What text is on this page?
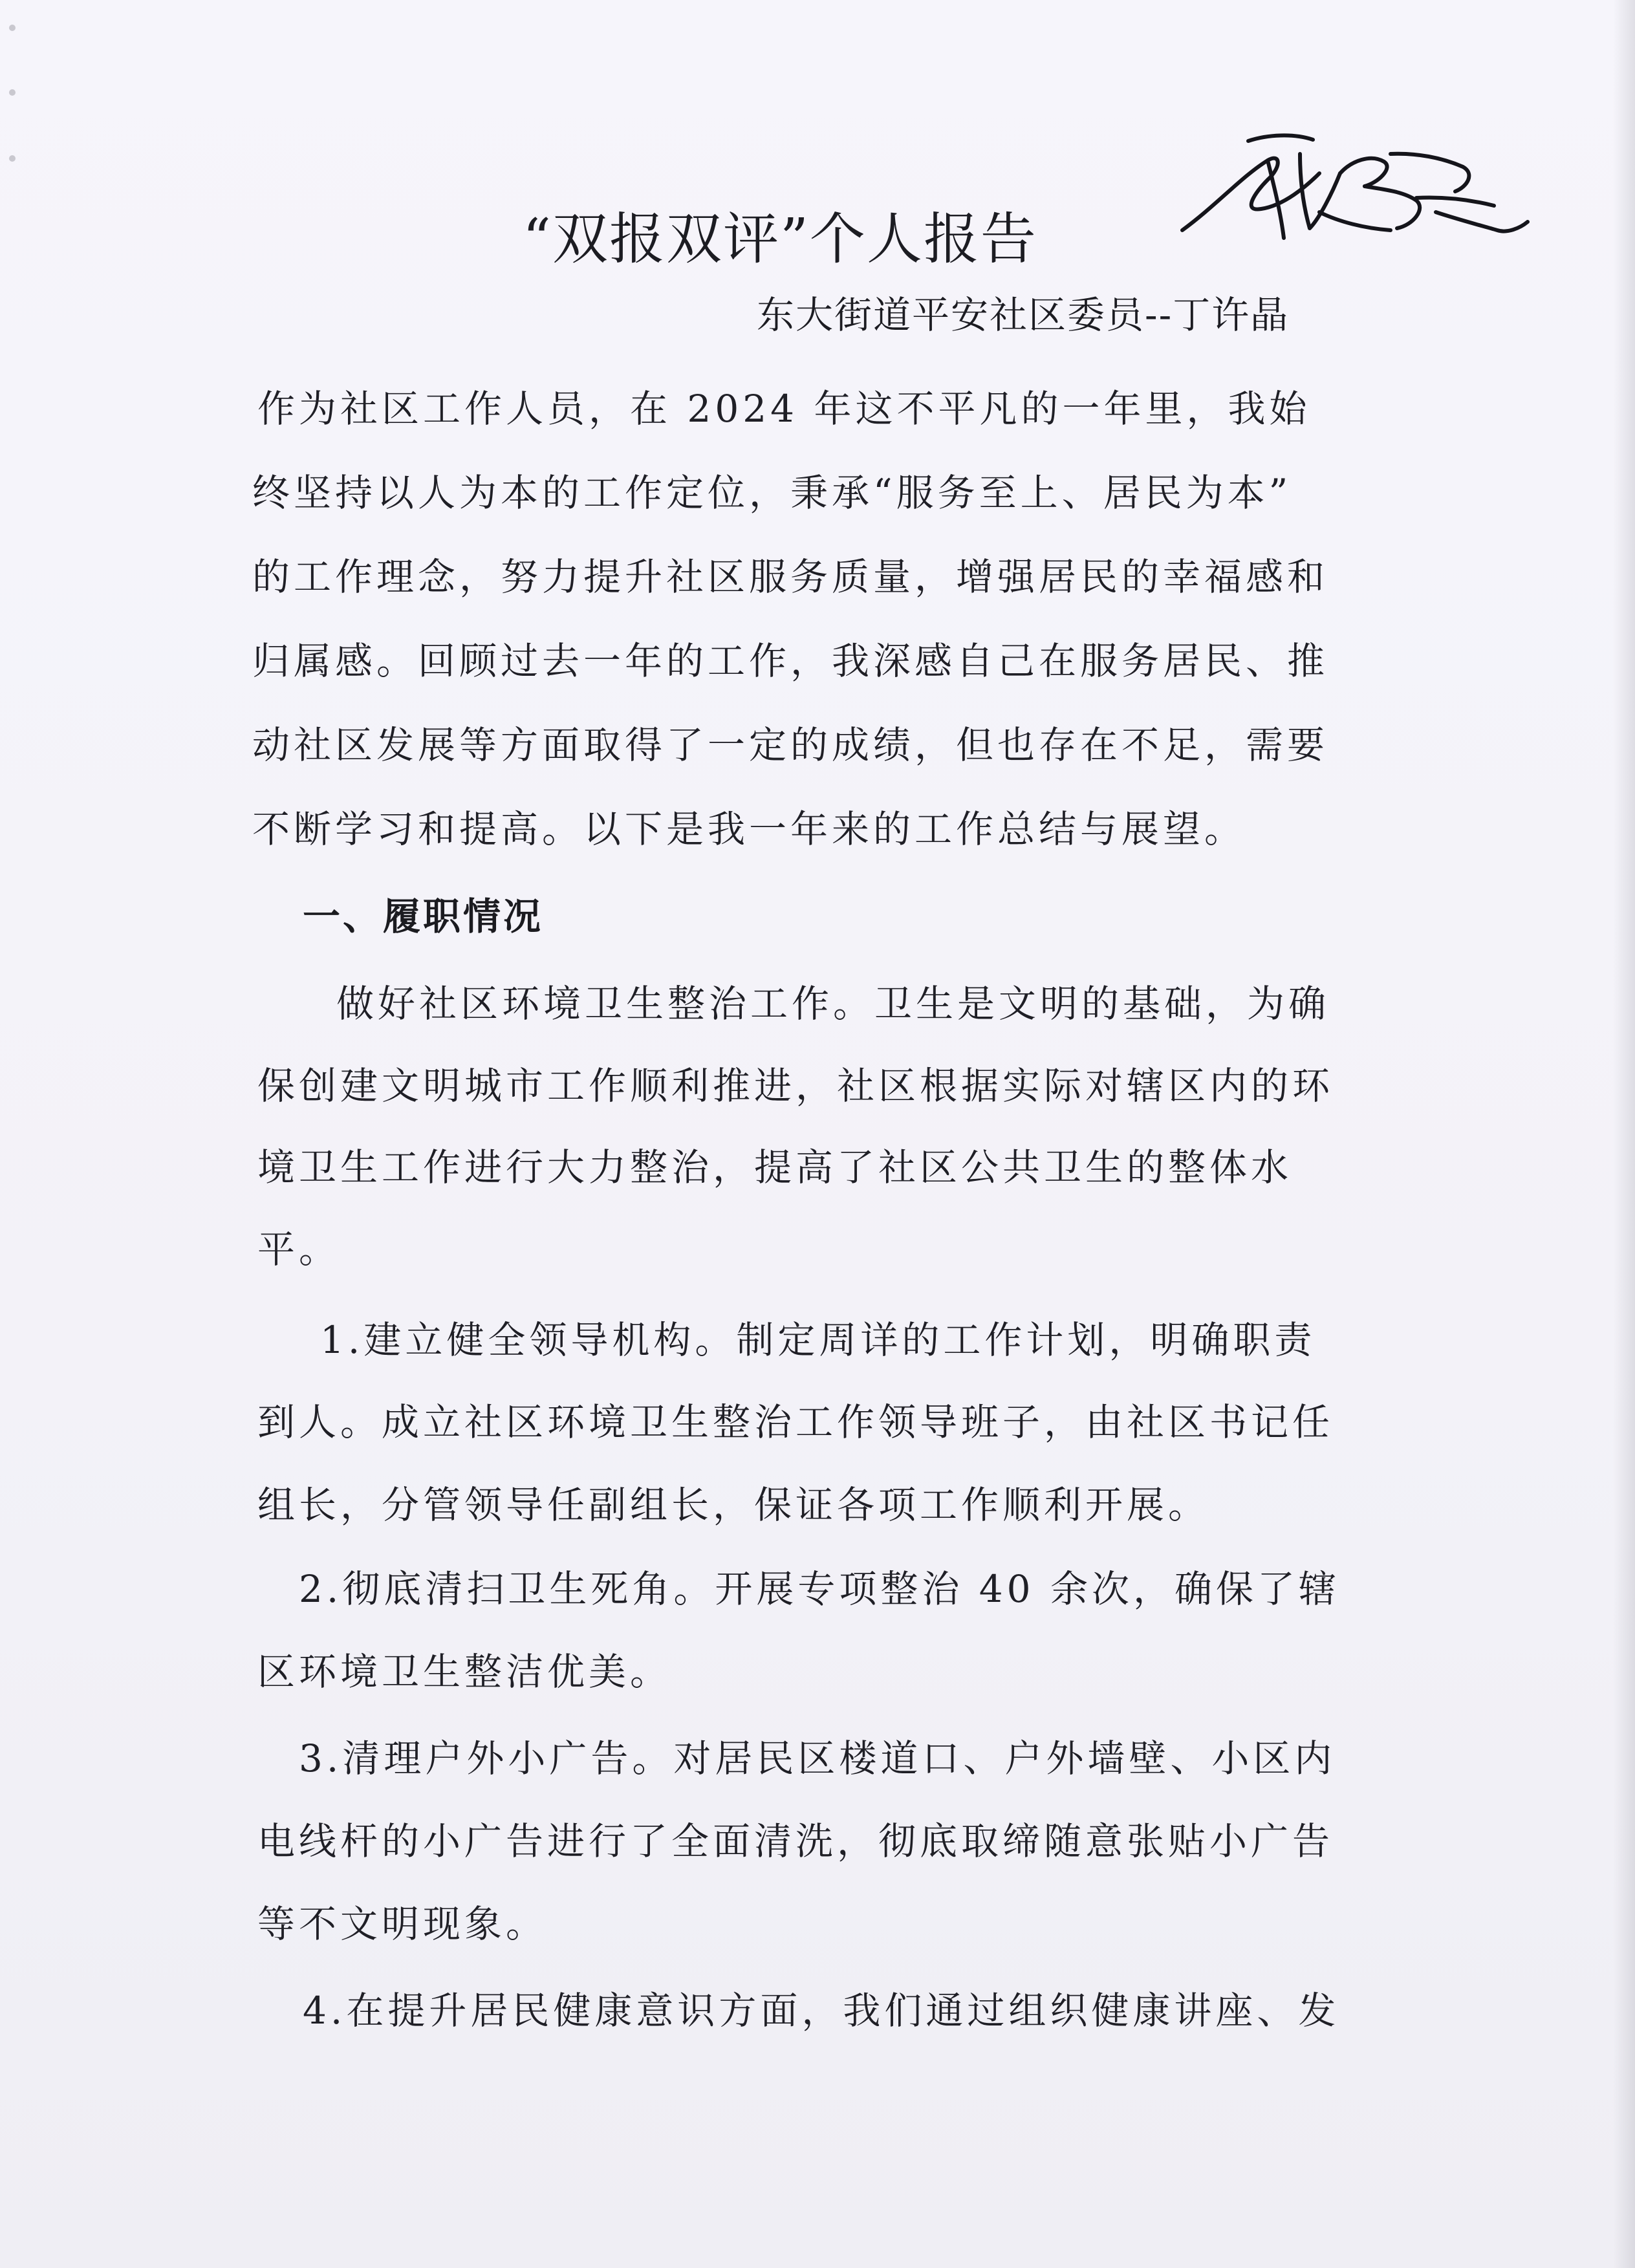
“双报双评”个人报告

东大街道平安社区委员--丁许晶

作为社区工作人员，在 2024 年这不平凡的一年里，我始

终坚持以人为本的工作定位，秉承“服务至上、居民为本”

的工作理念，努力提升社区服务质量，增强居民的幸福感和

归属感。回顾过去一年的工作，我深感自己在服务居民、推

动社区发展等方面取得了一定的成绩，但也存在不足，需要

不断学习和提高。以下是我一年来的工作总结与展望。

一、履职情况

做好社区环境卫生整治工作。卫生是文明的基础，为确

保创建文明城市工作顺利推进，社区根据实际对辖区内的环

境卫生工作进行大力整治，提高了社区公共卫生的整体水

平。

1.建立健全领导机构。制定周详的工作计划，明确职责

到人。成立社区环境卫生整治工作领导班子，由社区书记任

组长，分管领导任副组长，保证各项工作顺利开展。

2.彻底清扫卫生死角。开展专项整治 40 余次，确保了辖

区环境卫生整洁优美。

3.清理户外小广告。对居民区楼道口、户外墙壁、小区内

电线杆的小广告进行了全面清洗，彻底取缔随意张贴小广告

等不文明现象。

4.在提升居民健康意识方面，我们通过组织健康讲座、发
